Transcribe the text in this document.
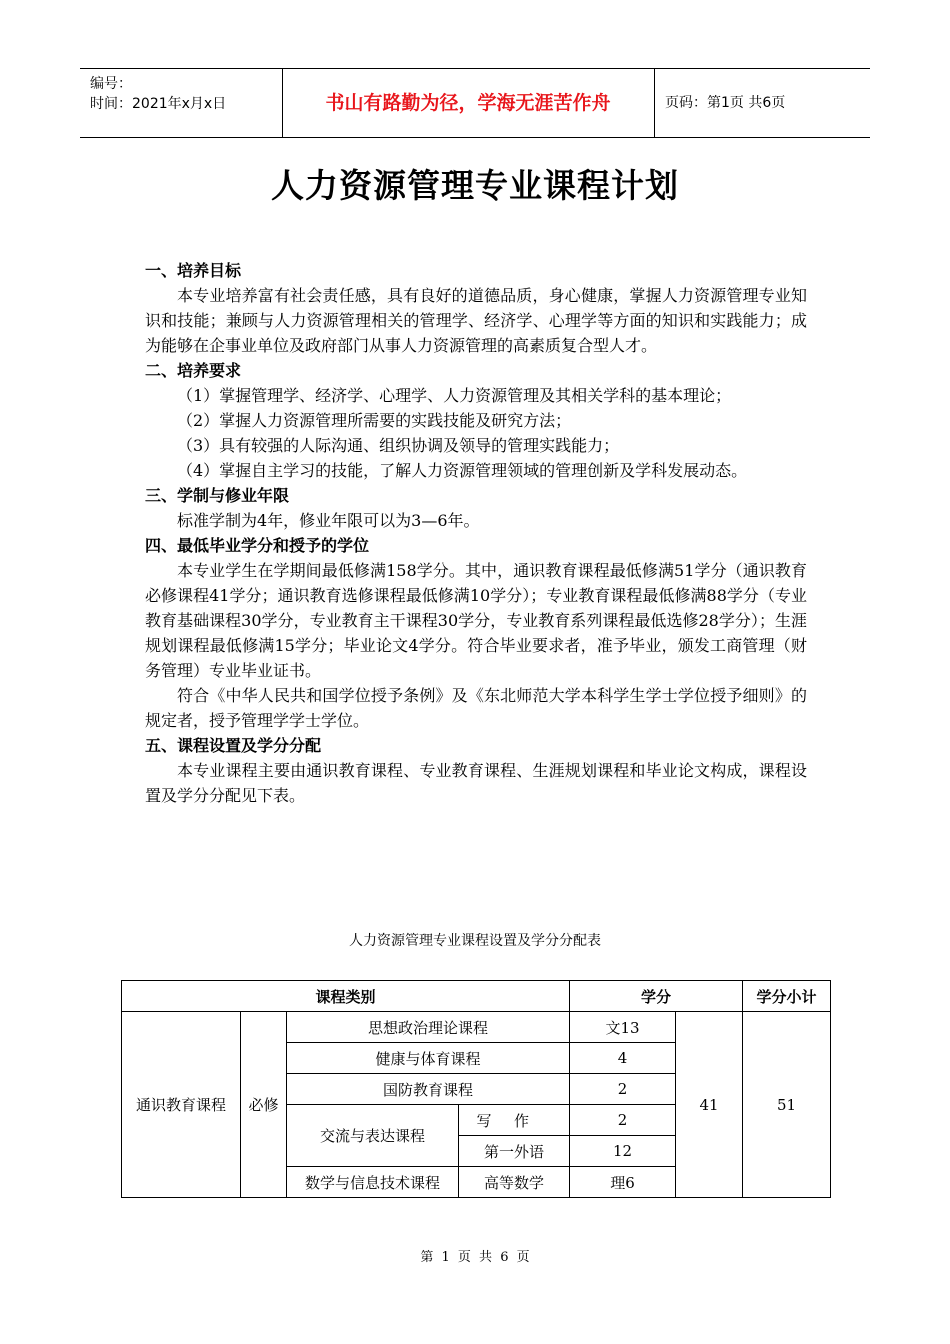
编号：
时间：2021年x月x日	书山有路勤为径，学海无涯苦作舟	页码：第1页 共6页
人力资源管理专业课程计划

一、培养目标

本专业培养富有社会责任感，具有良好的道德品质，身心健康，掌握人力资源管理专业知识和技能；兼顾与人力资源管理相关的管理学、经济学、心理学等方面的知识和实践能力；成为能够在企事业单位及政府部门从事人力资源管理的高素质复合型人才。

二、培养要求

（1）掌握管理学、经济学、心理学、人力资源管理及其相关学科的基本理论；

（2）掌握人力资源管理所需要的实践技能及研究方法；

（3）具有较强的人际沟通、组织协调及领导的管理实践能力；

（4）掌握自主学习的技能，了解人力资源管理领域的管理创新及学科发展动态。

三、学制与修业年限

标准学制为4年，修业年限可以为3—6年。

四、最低毕业学分和授予的学位

本专业学生在学期间最低修满158学分。其中，通识教育课程最低修满51学分（通识教育必修课程41学分；通识教育选修课程最低修满10学分）；专业教育课程最低修满88学分（专业教育基础课程30学分，专业教育主干课程30学分，专业教育系列课程最低选修28学分）；生涯规划课程最低修满15学分；毕业论文4学分。符合毕业要求者，准予毕业，颁发工商管理（财务管理）专业毕业证书。

符合《中华人民共和国学位授予条例》及《东北师范大学本科学生学士学位授予细则》的规定者，授予管理学学士学位。

五、课程设置及学分分配

本专业课程主要由通识教育课程、专业教育课程、生涯规划课程和毕业论文构成，课程设置及学分分配见下表。

人力资源管理专业课程设置及学分分配表
课程类别				学分		学分小计
通识教育课程	必修	思想政治理论课程		文13	41	51
		健康与体育课程		4		
		国防教育课程		2		
		交流与表达课程	写作	2		
			第一外语	12		
		数学与信息技术课程	高等数学	理6		
第 1 页 共 6 页
